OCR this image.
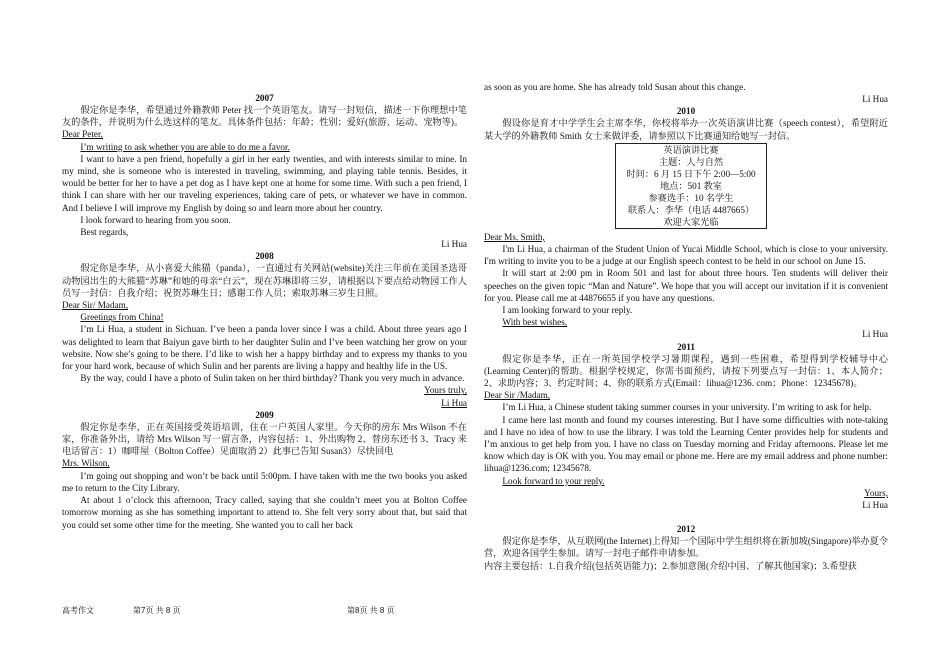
2007
假定你是李华，希望通过外籍教师 Peter 找一个英语笔友。请写一封短信，描述一下你理想中笔友的条件，并说明为什么选这样的笔友。具体条件包括：年龄；性别；爱好(旅游、运动、宠物等)。
Dear Peter,
I’m writing to ask whether you are able to do me a favor.
I want to have a pen friend, hopefully a girl in her early twenties, and with interests similar to mine. In my mind, she is someone who is interested in traveling, swimming, and playing table tennis. Besides, it would be better for her to have a pet dog as I have kept one at home for some time. With such a pen friend, I think I can share with her our traveling experiences, taking care of pets, or whatever we have in common. And I believe I will improve my English by doing so and learn more about her country.
I look forward to hearing from you soon.
Best regards,
Li Hua
2008
假定你是李华，从小喜爱大熊猫（panda），一直通过有关网站(website)关注三年前在美国圣迭哥动物园出生的大熊猫“苏琳”和她的母亲“白云”，现在苏琳即将三岁，请根据以下要点给动物园工作人员写一封信：自我介绍；祝贺苏琳生日；感谢工作人员；索取苏琳三岁生日照。
Dear Sir/ Madam,
Greetings from China!
I’m Li Hua, a student in Sichuan. I’ve been a panda lover since I was a child. About three years ago I was delighted to learn that Baiyun gave birth to her daughter Sulin and I’ve been watching her grow on your website. Now she’s going to be there. I’d like to wish her a happy birthday and to express my thanks to you for your hard work, because of which Sulin and her parents are living a happy and healthy life in the US.
By the way, could I have a photo of Sulin taken on her third birthday? Thank you very much in advance.
Yours truly,
Li Hua
2009
假定你是李华，正在英国接受英语培训，住在一户英国人家里。今天你的房东 Mrs Wilson 不在家，你准备外出，请给 Mrs Wilson 写一留言条，内容包括：1、外出购物 2、替房东还书 3、Tracy 来电话留言：1）咖啡屋（Bolton Coffee）见面取消 2）此事已告知 Susan3）尽快回电
Mrs. Wilson,
I’m going out shopping and won’t be back until 5:00pm. I have taken with me the two books you asked me to return to the City Library.
At about 1 o’clock this afternoon, Tracy called, saying that she couldn’t meet you at Bolton Coffee tomorrow morning as she has something important to attend to. She felt very sorry about that, but said that you could set some other time for the meeting. She wanted you to call her back
as soon as you are home. She has already told Susan about this change.
Li Hua
2010
假设你是育才中学学生会主席李华，你校将举办一次英语演讲比赛（speech contest），希望附近某大学的外籍教师 Smith 女士来做评委，请参照以下比赛通知给她写一封信。
英语演讲比赛
主题：人与自然
时间：6 月 15 日下午 2:00—5:00
地点：501 教室
参赛选手：10 名学生
联系人：李华（电话 4487665）
欢迎大家光临
Dear Ms. Smith,
I'm Li Hua, a chairman of the Student Union of Yucai Middle School, which is close to your university. I'm writing to invite you to be a judge at our English speech contest to be held in our school on June 15.
It will start at 2:00 pm in Room 501 and last for about three hours. Ten students will deliver their speeches on the given topic “Man and Nature”. We hope that you will accept our invitation if it is convenient for you. Please call me at 44876655 if you have any questions.
I am looking forward to your reply.
With best wishes,
Li Hua
2011
假定你是李华，正在一所英国学校学习暑期课程，遇到一些困难，希望得到学校辅导中心(Learning Center)的帮助。根据学校规定，你需书面预约，请按下列要点写一封信：1、本人简介；2、求助内容；3、约定时间；4、你的联系方式(Email：lihua@1236. com；Phone：12345678)。
Dear Sir /Madam,
I’m Li Hua, a Chinese student taking summer courses in your university. I’m writing to ask for help.
I came here last month and found my courses interesting. But I have some difficulties with note-taking and I have no idea of how to use the library. I was told the Learning Center provides help for students and I’m anxious to get help from you. I have no class on Tuesday morning and Friday afternoons. Please let me know which day is OK with you. You may email or phone me. Here are my email address and phone number: lihua@1236.com; 12345678.
Look forward to your reply.
Yours,
Li Hua
2012
假定你是李华，从互联网(the Internet)上得知一个国际中学生组织将在新加坡(Singapore)举办夏令营，欢迎各国学生参加。请写一封电子邮件申请参加。
内容主要包括：1.自我介绍(包括英语能力)；2.参加意图(介绍中国、了解其他国家)；3.希望获
高考作文	第7页 共 8 页	第8页 共 8 页
